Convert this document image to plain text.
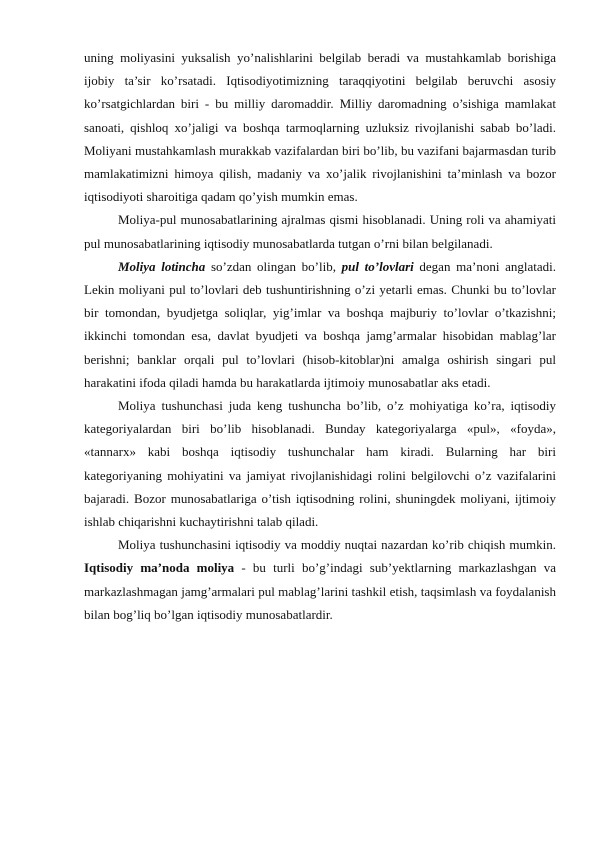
uning moliyasini yuksalish yo’nalishlarini belgilab beradi va mustahkamlab borishiga ijobiy ta’sir ko’rsatadi. Iqtisodiyotimizning taraqqiyotini belgilab beruvchi asosiy ko’rsatgichlardan biri - bu milliy daromaddir. Milliy daromadning o’sishiga mamlakat sanoati, qishloq xo’jaligi va boshqa tarmoqlarning uzluksiz rivojlanishi sabab bo’ladi. Moliyani mustahkamlash murakkab vazifalardan biri bo’lib, bu vazifani bajarmasdan turib mamlakatimizni himoya qilish, madaniy va xo’jalik rivojlanishini ta’minlash va bozor iqtisodiyoti sharoitiga qadam qo’yish mumkin emas.

Moliya-pul munosabatlarining ajralmas qismi hisoblanadi. Uning roli va ahamiyati pul munosabatlarining iqtisodiy munosabatlarda tutgan o’rni bilan belgilanadi.

Moliya lotincha so’zdan olingan bo’lib, pul to’lovlari degan ma’noni anglatadi. Lekin moliyani pul to’lovlari deb tushuntirishning o’zi yetarli emas. Chunki bu to’lovlar bir tomondan, byudjetga soliqlar, yig’imlar va boshqa majburiy to’lovlar o’tkazishni; ikkinchi tomondan esa, davlat byudjeti va boshqa jamg’armalar hisobidan mablag’lar berishni; banklar orqali pul to’lovlari (hisob-kitoblar)ni amalga oshirish singari pul harakatini ifoda qiladi hamda bu harakatlarda ijtimoiy munosabatlar aks etadi.

Moliya tushunchasi juda keng tushuncha bo’lib, o’z mohiyatiga ko’ra, iqtisodiy kategoriyalardan biri bo’lib hisoblanadi. Bunday kategoriyalarga «pul», «foyda», «tannarx» kabi boshqa iqtisodiy tushunchalar ham kiradi. Bularning har biri kategoriyaning mohiyatini va jamiyat rivojlanishidagi rolini belgilovchi o’z vazifalarini bajaradi. Bozor munosabatlariga o’tish iqtisodning rolini, shuningdek moliyani, ijtimoiy ishlab chiqarishni kuchaytirishni talab qiladi.

Moliya tushunchasini iqtisodiy va moddiy nuqtai nazardan ko’rib chiqish mumkin. Iqtisodiy ma’noda moliya - bu turli bo’g’indagi sub’yektlarning markazlashgan va markazlashmagan jamg’armalari pul mablag’larini tashkil etish, taqsimlash va foydalanish bilan bog’liq bo’lgan iqtisodiy munosabatlardir.
